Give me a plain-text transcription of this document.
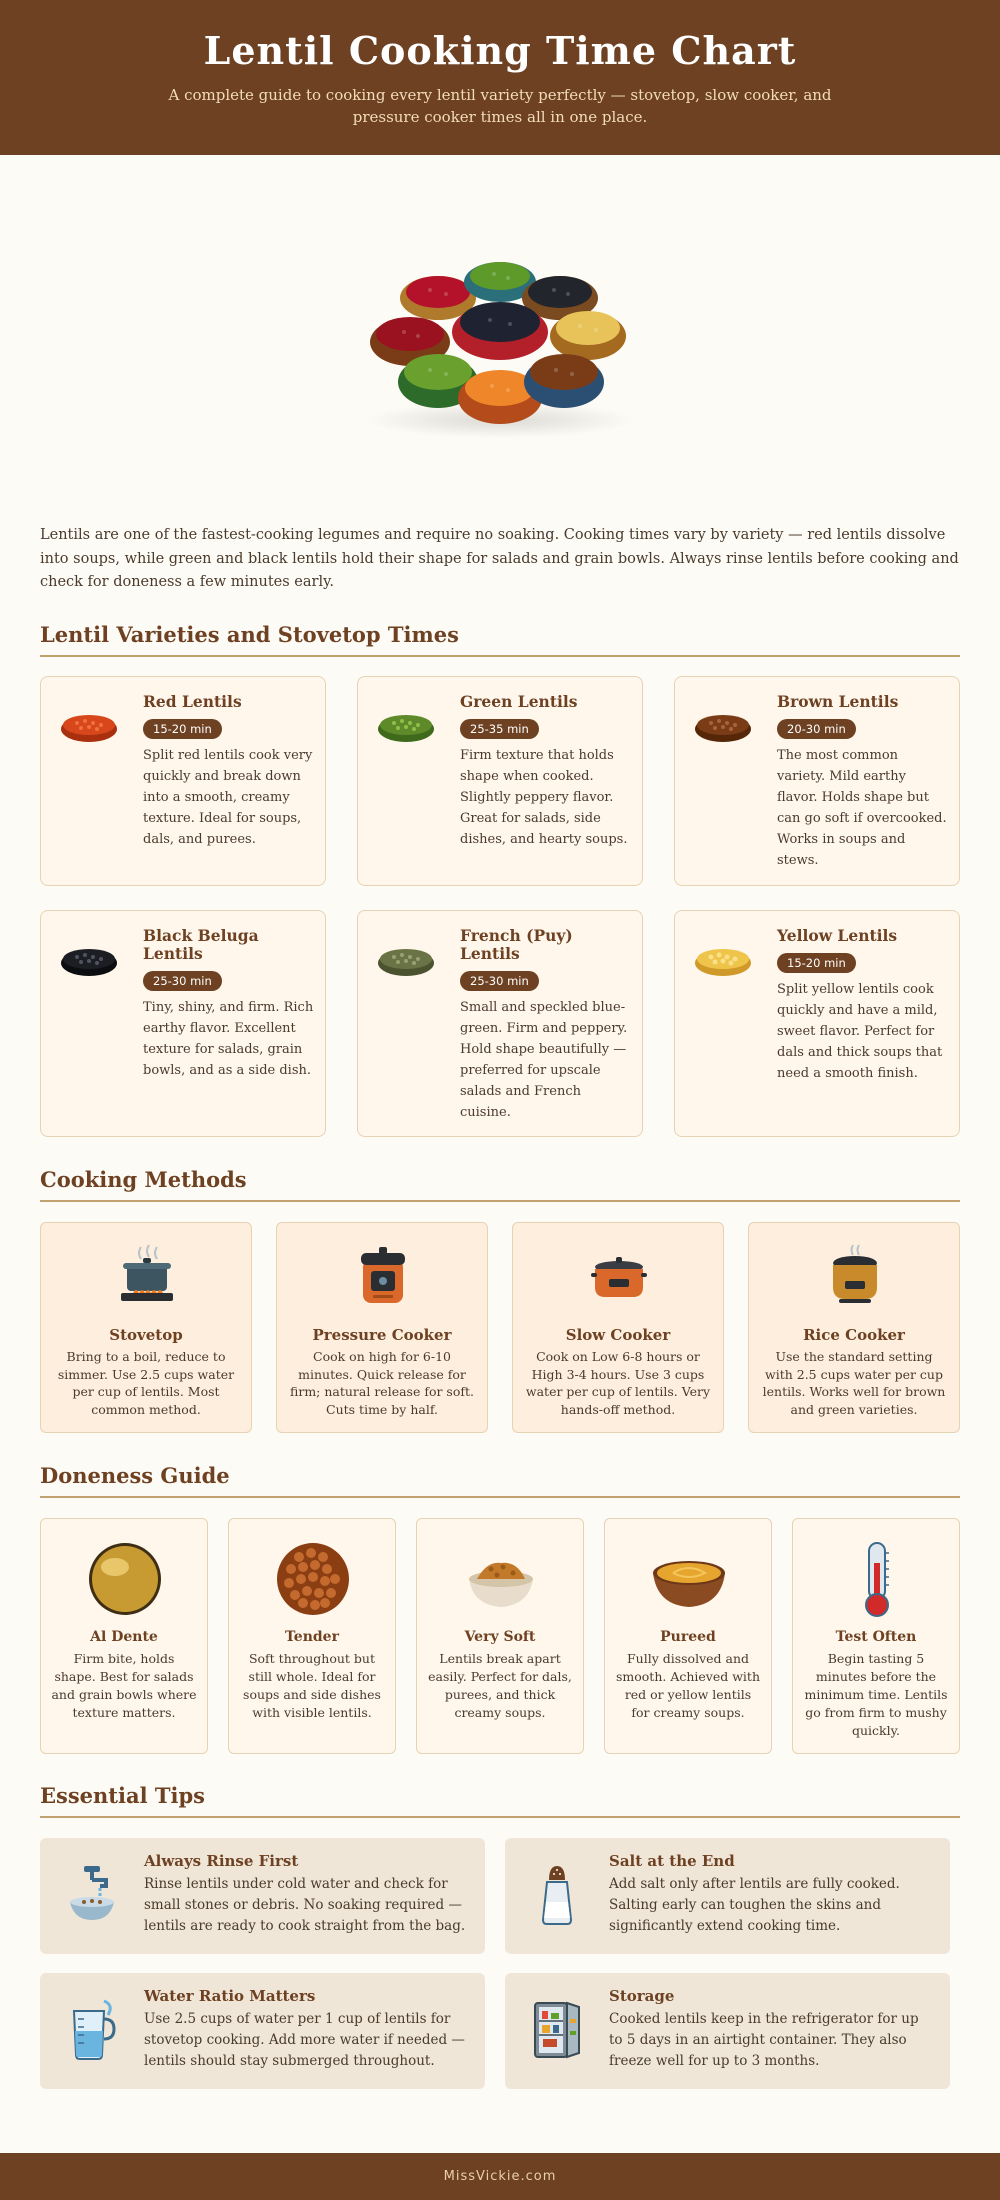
Lentil Cooking Time Chart

A complete guide to cooking every lentil variety perfectly — stovetop, slow cooker, and pressure cooker times all in one place.

Lentils are one of the fastest-cooking legumes and require no soaking. Cooking times vary by variety — red lentils dissolve into soups, while green and black lentils hold their shape for salads and grain bowls. Always rinse lentils before cooking and check for doneness a few minutes early.

Lentil Varieties and Stovetop Times
Red Lentils
15-20 min

Split red lentils cook very quickly and break down into a smooth, creamy texture. Ideal for soups, dals, and purees.

Green Lentils
25-35 min

Firm texture that holds shape when cooked. Slightly peppery flavor. Great for salads, side dishes, and hearty soups.

Brown Lentils
20-30 min

The most common variety. Mild earthy flavor. Holds shape but can go soft if overcooked. Works in soups and stews.

Black Beluga Lentils
25-30 min

Tiny, shiny, and firm. Rich earthy flavor. Excellent texture for salads, grain bowls, and as a side dish.

French (Puy) Lentils
25-30 min

Small and speckled blue-green. Firm and peppery. Hold shape beautifully — preferred for upscale salads and French cuisine.

Yellow Lentils
15-20 min

Split yellow lentils cook quickly and have a mild, sweet flavor. Perfect for dals and thick soups that need a smooth finish.

Cooking Methods
Stovetop

Bring to a boil, reduce to simmer. Use 2.5 cups water per cup of lentils. Most common method.

Pressure Cooker

Cook on high for 6-10 minutes. Quick release for firm; natural release for soft. Cuts time by half.

Slow Cooker

Cook on Low 6-8 hours or High 3-4 hours. Use 3 cups water per cup of lentils. Very hands-off method.

Rice Cooker

Use the standard setting with 2.5 cups water per cup lentils. Works well for brown and green varieties.

Doneness Guide
Al Dente

Firm bite, holds shape. Best for salads and grain bowls where texture matters.

Tender

Soft throughout but still whole. Ideal for soups and side dishes with visible lentils.

Very Soft

Lentils break apart easily. Perfect for dals, purees, and thick creamy soups.

Pureed

Fully dissolved and smooth. Achieved with red or yellow lentils for creamy soups.

Test Often

Begin tasting 5 minutes before the minimum time. Lentils go from firm to mushy quickly.

Essential Tips
Always Rinse First

Rinse lentils under cold water and check for small stones or debris. No soaking required — lentils are ready to cook straight from the bag.

Salt at the End

Add salt only after lentils are fully cooked. Salting early can toughen the skins and significantly extend cooking time.

Water Ratio Matters

Use 2.5 cups of water per 1 cup of lentils for stovetop cooking. Add more water if needed — lentils should stay submerged throughout.

Storage

Cooked lentils keep in the refrigerator for up to 5 days in an airtight container. They also freeze well for up to 3 months.

MissVickie.com
